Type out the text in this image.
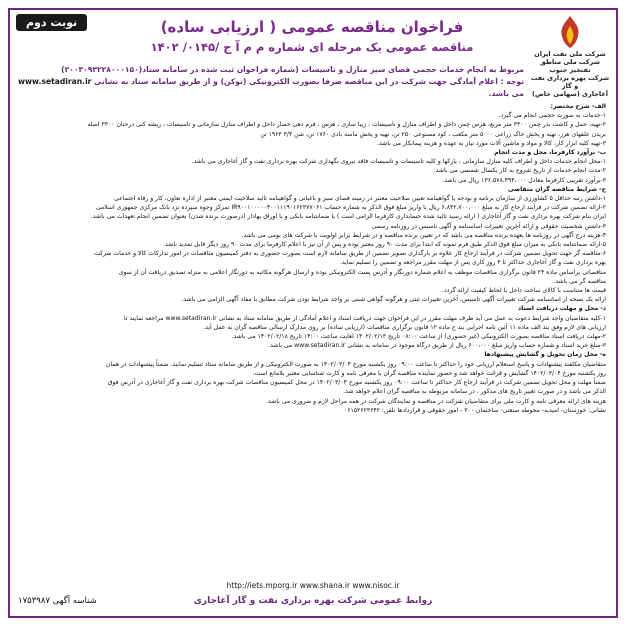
نوبت دوم
شرکت ملی نفت ایران
شرکت ملی مناطق نفتخیز جنوب
شرکت بهره برداری نفت و گاز
آغاجاری (سهامی خاص)
فراخوان مناقصه عمومی ( ارزیابی ساده)
مناقصه عمومی یک مرحله ای شماره م م آ ج /۰۱۴۵/ ۱۴۰۲
مربوط به انجام خدمات حجمی فضای سبز منازل و تاسیسات (شماره فراخوان ثبت شده در سامانه ستاد(۲۰۰۳۰۹۳۲۲۸۰۰۰۱۵۰)
توجه : اعلام آمادگی جهت شرکت در این مناقصه صرفا بصورت الکترونیکی (توکن) و از طریق سامانه ستاد به نشانی www.setadiran.ir می باشد.

الف- شرح مختصر:

۱-خدمات به صورت حجمی انجام می گیرد.

۲-تهیه، حمل و کاشت بذر چمن ۳۳۰۰ متر مربع، هرس چمن داخل و اطراف منازل و تاسیسات ، زیبا سازی ، هرس ، فرم دهی حصار داخل و اطراف منازل سازمانی و تاسیسات ، ریشه کنی درختان ۳۳۰۰ اصله

بریدن علفهای هرز، تهیه و پخش خاک زراعی ۵۰۰۰ متر مکعب ، کود مصنوعی ۲۵۰ تن، تهیه و پخش ماسه بادی ۱۷۶۰ تن، شن ۳/۴ ۱۹۶۳ تن

۳-تهیه کلیه ابزار کار، کالا و مواد و ماشین آلات مورد نیاز به عهده و هزینه پیمانکار می باشد.

ب- برآورد کارفرما، محل و مدت انجام

۱-محل انجام خدمات داخل و اطراف کلیه منازل سازمانی ، پارکها و کلیه تاسیسات و تاسیسات فاقد نیروی نگهداری شرکت بهره برداری نفت و گاز آغاجاری می باشد.

۲-مدت انجام خدمات از تاریخ شروع به کار یکسال شمسی می باشد.

۳-برآورد تقریبی کارفرما معادل ۱۳۶،۵۷۸،۴۹۴،۰۰۰ ریال می باشد.

ج- شرایط مناقصه گران متقاضی

۱-داشتن رتبه حداقل ۵ کشاورزی از سازمان برنامه و بودجه یا گواهینامه تعیین صلاحیت معتبر در زمینه فضای سبز و باغبانی و گواهینامه تائید صلاحیت ایمنی معتبر از اداره تعاون، کار و رفاه اجتماعی

۲-ارائه تضمین شرکت در فرآیند ارجاع کار به مبلغ ۶،۸۴۲،۷۰۰،۰۰۰ ریال با واریز مبلغ فوق الذکر به شماره حساب IR۹۰۰۱۰۰۰۰۰۴۰۰۱۱۱۹۰۱۶۲۳۷۷۰۶۱ تمرکز وجوه سپرده نزد بانک مرکزی جمهوری اسلامی

ایران بنام شرکت بهره برداری نفت و گاز آغاجاری ( ارائه رسید تائید شده حسابداری کارفرما الزامی است ) یا ضمانتنامه بانکی و یا اوراق بهادار (درصورت برنده شدن) بعنوان تضمین انجام تعهدات می باشد.

۳-داشتن شخصیت حقوقی و ارائه آخرین تغییرات اساسنامه و آگهی تاسیس در روزنامه رسمی

۴-هزینه درج آگهی در روزنامه ها بعهده برنده مناقصه می باشد که در تعیین برنده مناقصه و در شرایط برابر اولویت با شرکت های بومی می باشد.

۵-ارائه ضمانتنامه بانکی به میزان مبلغ فوق الذکر طبق فرم نمونه که ابتدا برای مدت ۹۰ روز معتبر بوده و پس از آن نیز با اعلام کارفرما برای مدت ۹۰ روز دیگر قابل تمدید باشد.

۶-مناقصه گر جهت تحویل تضمین شرکت در فرآیند ارجاع کار علاوه بر بارگذاری تصویر تضمین از طریق سامانه لازم است بصورت حضوری به دفتر کمیسیون مناقصات در امور تدارکات کالا و خدمات شرکت

بهره برداری نفت و گاز آغاجاری حداکثر تا ۳ روز کاری پس از مهلت مقرر مراجعه و تضمین را تسلیم نماید.

مناقصاتی براساس ماده ۲۴ قانون برگزاری مناقصات موظف به اعلام شماره دورنگار و آدرس پست الکترونیکی بوده و ارسال هرگونه مکاتبه به دورنگار اعلامی به منزله تصدیق دریافت آن از سوی

مناقصه گر می باشد.

قیمت ها متناسب با کالای ساخت داخل با لحاظ کیفیت ارائه گردد.

ارائه یک نسخه از اساسنامه شرکت تغییرات آگهی تاسیس، آخرین تغییرات ثبتی و هرگونه گواهی شبنی بر واجد شرایط بودن شرکت مطابق با مفاد آگهی الزامی می باشد.

د- محل و مهلت دریافت اسناد

۱-کلیه متقاضیان واجد شرایط دعوت به عمل می آید ظرف مهلت مقرر در این فراخوان جهت دریافت اسناد و اعلام آمادگی از طریق سامانه ستاد به نشانی www.setadiran.ir مراجعه نمایند تا

ارزیابی های لازم وفق بند الف ماده ۱۱ آئین نامه اجرایی بند ج ماده ۱۲ قانون برگزاری مناقصات (ارزیابی ساده) بر روی مدارک ارسالی مناقصه گران به عمل آید.

۲-مهلت دریافت اسناد مناقصه بصورت الکترونیکی (غیر حضوری) از ساعت ۰۸:۰۰ تاریخ ۱۴۰۲/۰۲/۱۳ لغایت ساعت ۱۴:۰۰ تاریخ ۱۴۰۲/۰۲/۱۸ می باشد.

۳-مبلغ خرید اسناد و شماره حساب واریز مبلغ ۶۰۰،۰۰۰ ریال از طریق درگاه موجود در سامانه به نشانی www.setadiran.ir می باشد.

ه- محل زمان تحویل و گشایش پیشنهادها

متقاضیان مکلفند پیشنهادات و پاسخ استعلام ارزیابی خود را حداکثر تا ساعت ۰۹:۰۰ روز یکشنبه مورخ ۱۴۰۲/۰۳/۰۴ به صورت الکترونیکی و از طریق سامانه ستاد تسلیم نمایند. ضمناً پیشنهادات در همان

روز یکشنبه مورخ ۱۴۰۲/۰۳/۰۴ گشایش و قرائت خواهد شد و حضور نماینده مناقصه گران با معرفی نامه و کارت شناسایی معتبر بلامانع است.

ضمناً مهلت و محل تحویل تضمین شرکت در فرآیند ارجاع کار حداکثر تا ساعت ۰۹:۰۰ روز یکشنبه مورخ ۱۴۰۲/۰۳/۰۴ در محل کمیسیون مناقصات شرکت بهره برداری نفت و گاز آغاجاری در آدرس فوق

الذکر می باشد و در صورت تغییر تاریخ های مذکور ، در سامانه مربوطه به مناقصه گران اعلام خواهد شد.

هزینه های ارائه معرفی نامه و کارت ملی برای متقاضیان شرکت در مناقصه و نمایندگان شرکت در همه مراحل لازم و ضروری می باشد.

نشانی: خوزستان- امیدیه- محوطه صنعتی- ساختمان ۳۰۰ - امور حقوقی و قراردادها تلفن: ۰۶۱۵۲۶۲۳۶۴۲

http://iets.mporg.ir www.shana.ir www.nisoc.ir
روابط عمومی شرکت بهره برداری نفت و گاز آغاجاری
شناسه آگهی ۱۷۵۳۹۸۷
